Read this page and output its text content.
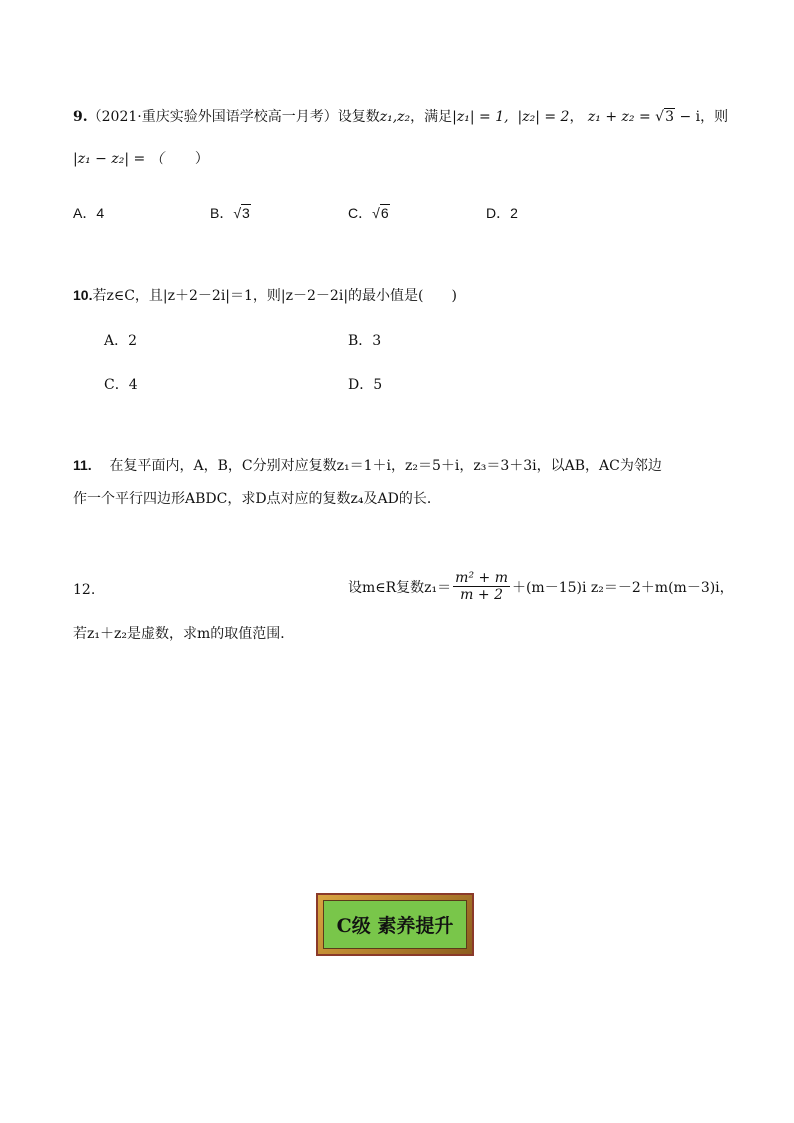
9.（2021·重庆实验外国语学校高一月考）设复数z₁,z₂，满足|z₁| = 1, |z₂| = 2， z₁ + z₂ = √3 − i，则
|z₁ − z₂| = （ ）
A．4	B．√3	C．√6	D．2
10.若z∈C，且|z＋2－2i|＝1，则|z－2－2i|的最小值是(　　)
A．2	B．3
C．4	D．5
11. 在复平面内，A，B，C分别对应复数z₁＝1＋i，z₂＝5＋i，z₃＝3＋3i，以AB，AC为邻边
作一个平行四边形ABDC，求D点对应的复数z₄及AD的长．
12.	设m∈R复数$z_1= \frac{\text{m² + m}}{m + 2} +(m-15)i$ z₂＝－2＋m(m－3)i，
若z₁＋z₂是虚数，求m的取值范围．
C级 素养提升
